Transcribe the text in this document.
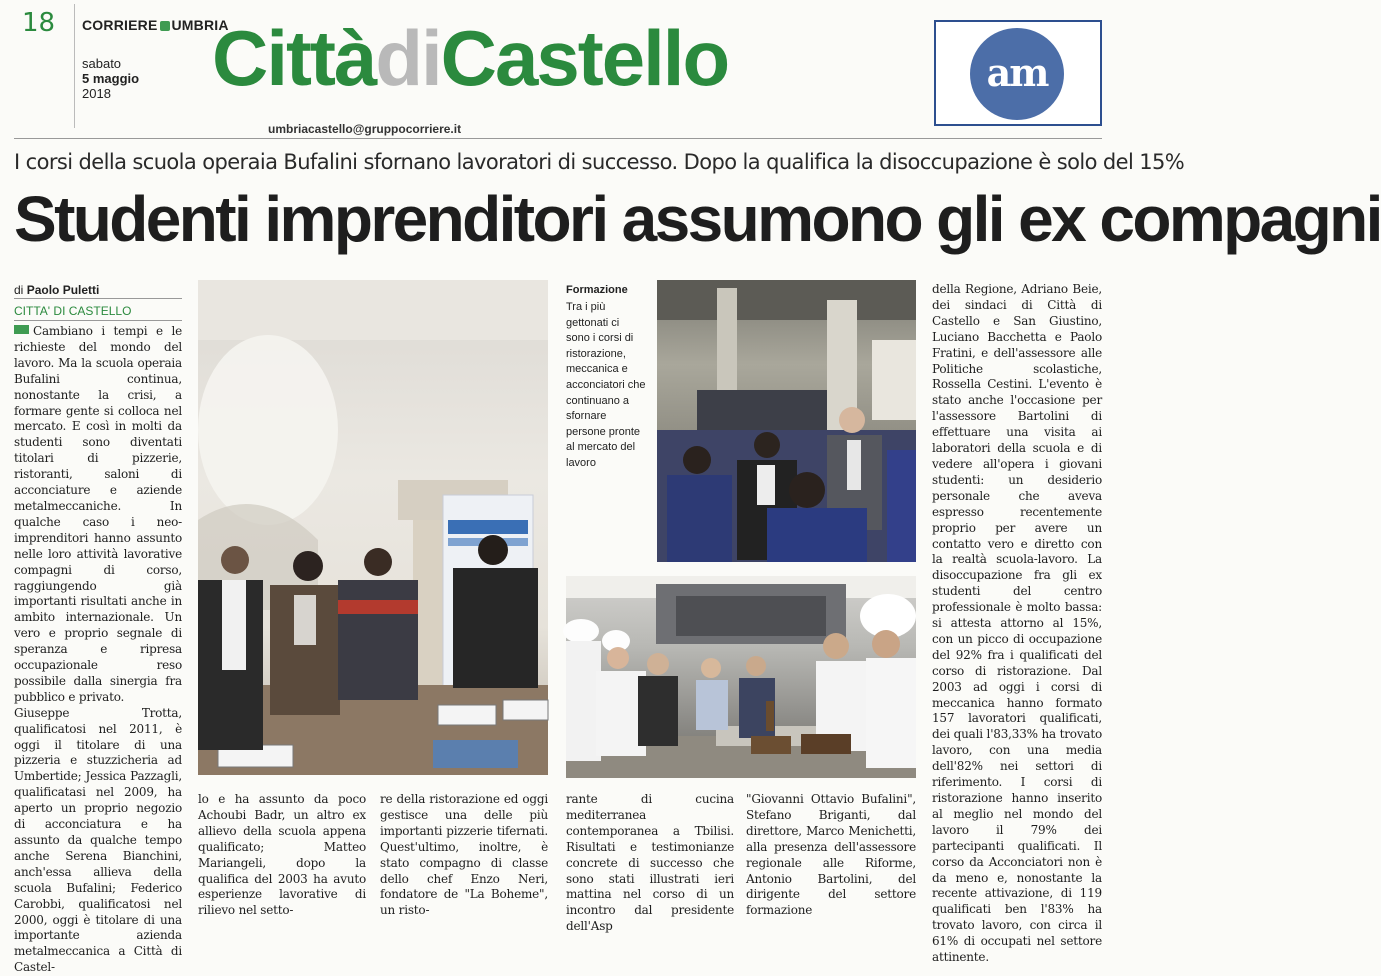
18 CORRIERE UMBRIA
sabato
5 maggio
2018	CittàdiCastello
umbriacastello@gruppocorriere.it
am
I corsi della scuola operaia Bufalini sfornano lavoratori di successo. Dopo la qualifica la disoccupazione è solo del 15%
Studenti imprenditori assumono gli ex compagni
di Paolo Puletti
CITTA' DI CASTELLO

Cambiano i tempi e le richieste del mondo del lavoro. Ma la scuola operaia Bufalini continua, nonostante la crisi, a formare gente si colloca nel mercato. E così in molti da studenti sono diventati titolari di pizzerie, ristoranti, saloni di acconciature e aziende metalmeccaniche. In qualche caso i neo-imprenditori hanno assunto nelle loro attività lavorative compagni di corso, raggiungendo già importanti risultati anche in ambito internazionale. Un vero e proprio segnale di speranza e ripresa occupazionale reso possibile dalla sinergia fra pubblico e privato.

Giuseppe Trotta, qualificatosi nel 2011, è oggi il titolare di una pizzeria e stuzzicheria ad Umbertide; Jessica Pazzagli, qualificatasi nel 2009, ha aperto un proprio negozio di acconciatura e ha assunto da qualche tempo anche Serena Bianchini, anch'essa allieva della scuola Bufalini; Federico Carobbi, qualificatosi nel 2000, oggi è titolare di una importante azienda metalmeccanica a Città di Castel-

Formazione
Tra i più gettonati ci sono i corsi di ristorazione, meccanica e acconciatori che continuano a sfornare persone pronte al mercato del lavoro
lo e ha assunto da poco Achoubi Badr, un altro ex allievo della scuola appena qualificato; Matteo Mariangeli, dopo la qualifica del 2003 ha avuto esperienze lavorative di rilievo nel setto-
re della ristorazione ed oggi gestisce una delle più importanti pizzerie tifernati. Quest'ultimo, inoltre, è stato compagno di classe dello chef Enzo Neri, fondatore de "La Boheme", un risto-
rante di cucina mediterranea contemporanea a Tbilisi. Risultati e testimonianze concrete di successo che sono stati illustrati ieri mattina nel corso di un incontro dal presidente dell'Asp
"Giovanni Ottavio Bufalini", Stefano Briganti, dal direttore, Marco Menichetti, alla presenza dell'assessore regionale alle Riforme, Antonio Bartolini, del dirigente del settore formazione
della Regione, Adriano Beie, dei sindaci di Città di Castello e San Giustino, Luciano Bacchetta e Paolo Fratini, e dell'assessore alle Politiche scolastiche, Rossella Cestini. L'evento è stato anche l'occasione per l'assessore Bartolini di effettuare una visita ai laboratori della scuola e di vedere all'opera i giovani studenti: un desiderio personale che aveva espresso recentemente proprio per avere un contatto vero e diretto con la realtà scuola-lavoro. La disoccupazione fra gli ex studenti del centro professionale è molto bassa: si attesta attorno al 15%, con un picco di occupazione del 92% fra i qualificati del corso di ristorazione. Dal 2003 ad oggi i corsi di meccanica hanno formato 157 lavoratori qualificati, dei quali l'83,33% ha trovato lavoro, con una media dell'82% nei settori di riferimento. I corsi di ristorazione hanno inserito al meglio nel mondo del lavoro il 79% dei partecipanti qualificati. Il corso da Acconciatori non è da meno e, nonostante la recente attivazione, di 119 qualificati ben l'83% ha trovato lavoro, con circa il 61% di occupati nel settore attinente.
